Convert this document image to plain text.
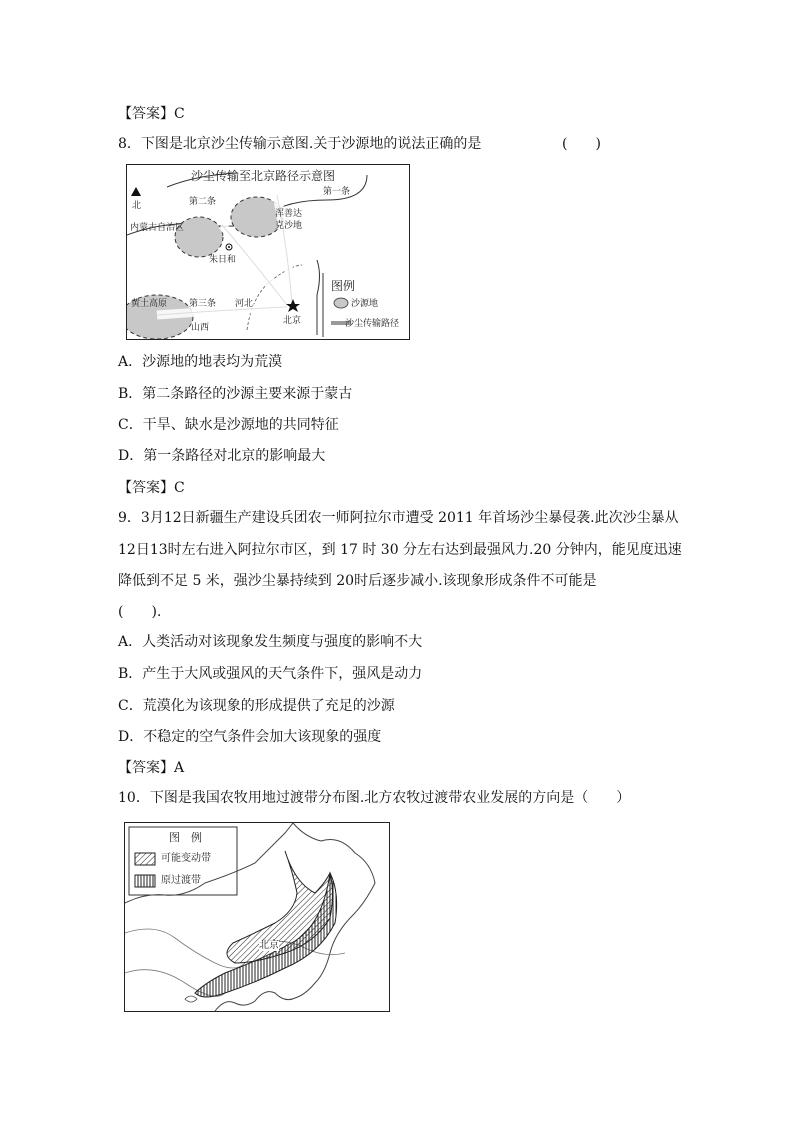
【答案】C
8．下图是北京沙尘传输示意图.关于沙源地的说法正确的是	(　　)
沙尘传输至北京路径示意图
北
第一条
第二条
第三条
内蒙古自治区
浑善达
克沙地
朱日和
黄土高原	河北
山西
北京
图例
沙源地
沙尘传输路径
A．沙源地的地表均为荒漠
B．第二条路径的沙源主要来源于蒙古
C．干旱、缺水是沙源地的共同特征
D．第一条路径对北京的影响最大
【答案】C
9．3月12日新疆生产建设兵团农一师阿拉尔市遭受 2011 年首场沙尘暴侵袭.此次沙尘暴从
12日13时左右进入阿拉尔市区，到 17 时 30 分左右达到最强风力.20 分钟内，能见度迅速
降低到不足 5 米，强沙尘暴持续到 20时后逐步减小.该现象形成条件不可能是
(　　).
A．人类活动对该现象发生频度与强度的影响不大
B．产生于大风或强风的天气条件下，强风是动力
C．荒漠化为该现象的形成提供了充足的沙源
D．不稳定的空气条件会加大该现象的强度
【答案】A
10．下图是我国农牧用地过渡带分布图.北方农牧过渡带农业发展的方向是（　　）
图　例
可能变动带
原过渡带
北京
